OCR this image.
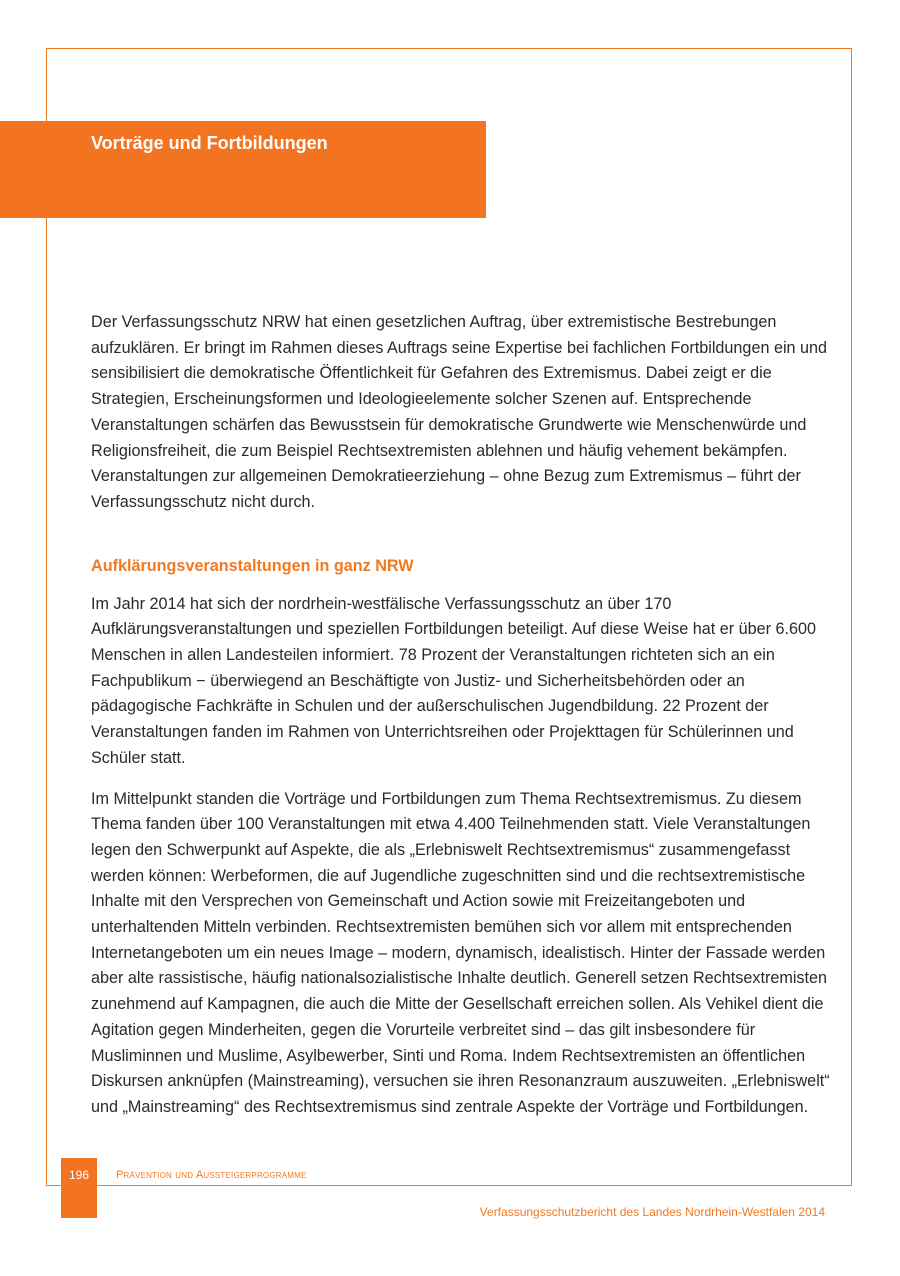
Vorträge und Fortbildungen

Der Verfassungsschutz NRW hat einen gesetzlichen Auftrag, über extremistische Bestrebungen aufzuklären. Er bringt im Rahmen dieses Auftrags seine Expertise bei fachlichen Fortbildungen ein und sensibilisiert die demokratische Öffentlichkeit für Gefahren des Extremismus. Dabei zeigt er die Strategien, Erscheinungsformen und Ideologieelemente solcher Szenen auf. Entsprechende Veranstaltungen schärfen das Bewusstsein für demokratische Grundwerte wie Menschenwürde und Religionsfreiheit, die zum Beispiel Rechtsextremisten ablehnen und häufig vehement bekämpfen. Veranstaltungen zur allgemeinen Demokratieerziehung – ohne Bezug zum Extremismus – führt der Verfassungsschutz nicht durch.

Aufklärungsveranstaltungen in ganz NRW

Im Jahr 2014 hat sich der nordrhein-westfälische Verfassungsschutz an über 170 Aufklärungsveranstaltungen und speziellen Fortbildungen beteiligt. Auf diese Weise hat er über 6.600 Menschen in allen Landesteilen informiert. 78 Prozent der Veranstaltungen richteten sich an ein Fachpublikum − überwiegend an Beschäftigte von Justiz- und Sicherheitsbehörden oder an pädagogische Fachkräfte in Schulen und der außerschulischen Jugendbildung. 22 Prozent der Veranstaltungen fanden im Rahmen von Unterrichtsreihen oder Projekttagen für Schülerinnen und Schüler statt.

Im Mittelpunkt standen die Vorträge und Fortbildungen zum Thema Rechtsextremismus. Zu diesem Thema fanden über 100 Veranstaltungen mit etwa 4.400 Teilnehmenden statt. Viele Veranstaltungen legen den Schwerpunkt auf Aspekte, die als „Erlebniswelt Rechtsextremismus“ zusammengefasst werden können: Werbeformen, die auf Jugendliche zugeschnitten sind und die rechtsextremistische Inhalte mit den Versprechen von Gemeinschaft und Action sowie mit Freizeitangeboten und unterhaltenden Mitteln verbinden. Rechtsextremisten bemühen sich vor allem mit entsprechenden Internetangeboten um ein neues Image – modern, dynamisch, idealistisch. Hinter der Fassade werden aber alte rassistische, häufig nationalsozialistische Inhalte deutlich. Generell setzen Rechtsextremisten zunehmend auf Kampagnen, die auch die Mitte der Gesellschaft erreichen sollen. Als Vehikel dient die Agitation gegen Minderheiten, gegen die Vorurteile verbreitet sind – das gilt insbesondere für Musliminnen und Muslime, Asylbewerber, Sinti und Roma. Indem Rechtsextremisten an öffentlichen Diskursen anknüpfen (Mainstreaming), versuchen sie ihren Resonanzraum auszuweiten. „Erlebniswelt“ und „Mainstreaming“ des Rechtsextremismus sind zentrale Aspekte der Vorträge und Fortbildungen.

196	Prävention und Aussteigerprogramme
Verfassungsschutzbericht des Landes Nordrhein-Westfalen 2014
